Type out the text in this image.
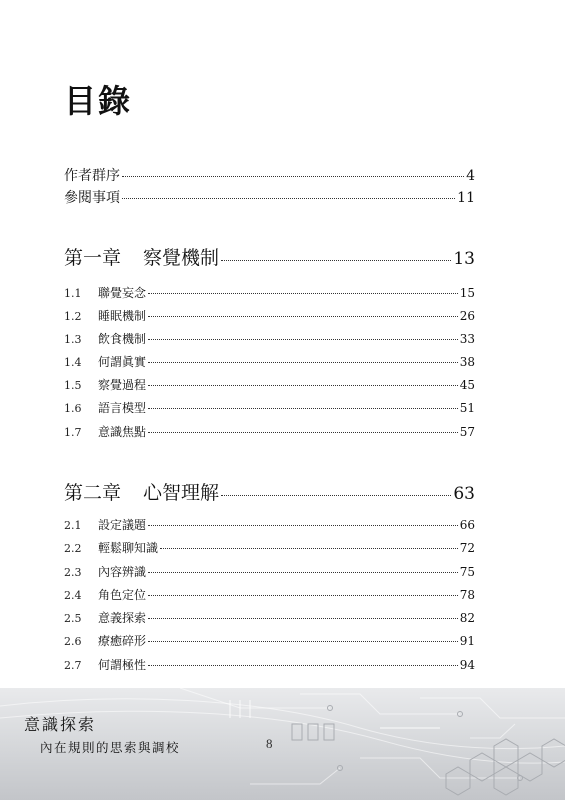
目錄
作者群序	4
參閱事項	11
第一章 察覺機制	13
1.1	聯覺妄念	15
1.2	睡眠機制	26
1.3	飲食機制	33
1.4	何謂眞實	38
1.5	察覺過程	45
1.6	語言模型	51
1.7	意識焦點	57
第二章 心智理解	63
2.1	設定議題	66
2.2	輕鬆聊知識	72
2.3	內容辨識	75
2.4	角色定位	78
2.5	意義探索	82
2.6	療癒碎形	91
2.7	何謂極性	94
意識探索
內在規則的思索與調校	8
